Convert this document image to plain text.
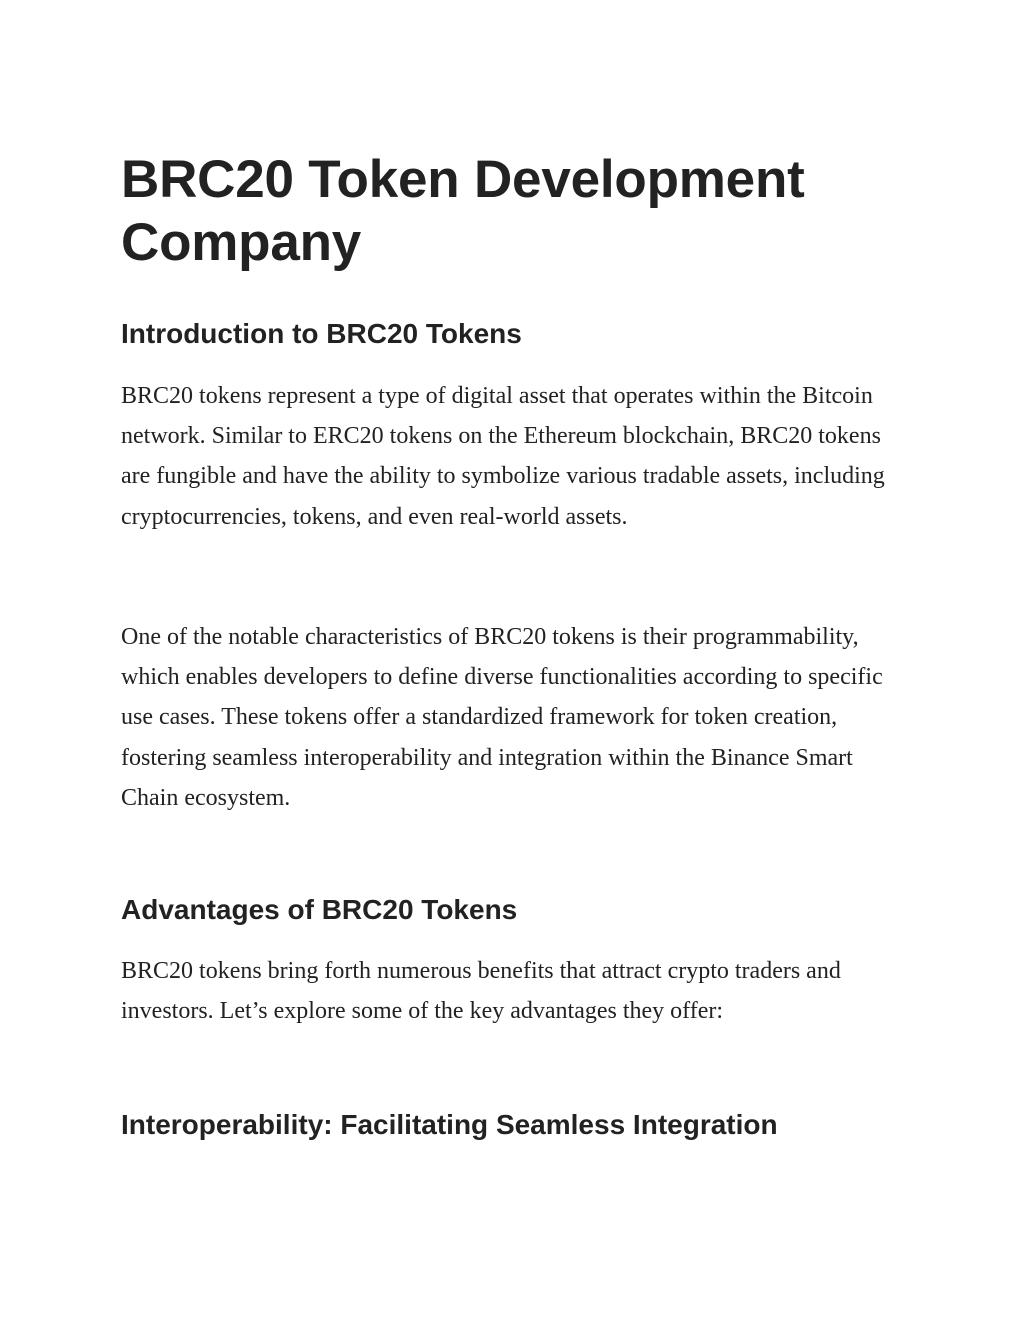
BRC20 Token Development
Company
Introduction to BRC20 Tokens

BRC20 tokens represent a type of digital asset that operates within the Bitcoin network. Similar to ERC20 tokens on the Ethereum blockchain, BRC20 tokens are fungible and have the ability to symbolize various tradable assets, including cryptocurrencies, tokens, and even real-world assets.

One of the notable characteristics of BRC20 tokens is their programmability, which enables developers to define diverse functionalities according to specific use cases. These tokens offer a standardized framework for token creation, fostering seamless interoperability and integration within the Binance Smart Chain ecosystem.

Advantages of BRC20 Tokens

BRC20 tokens bring forth numerous benefits that attract crypto traders and investors. Let’s explore some of the key advantages they offer:

Interoperability: Facilitating Seamless Integration
